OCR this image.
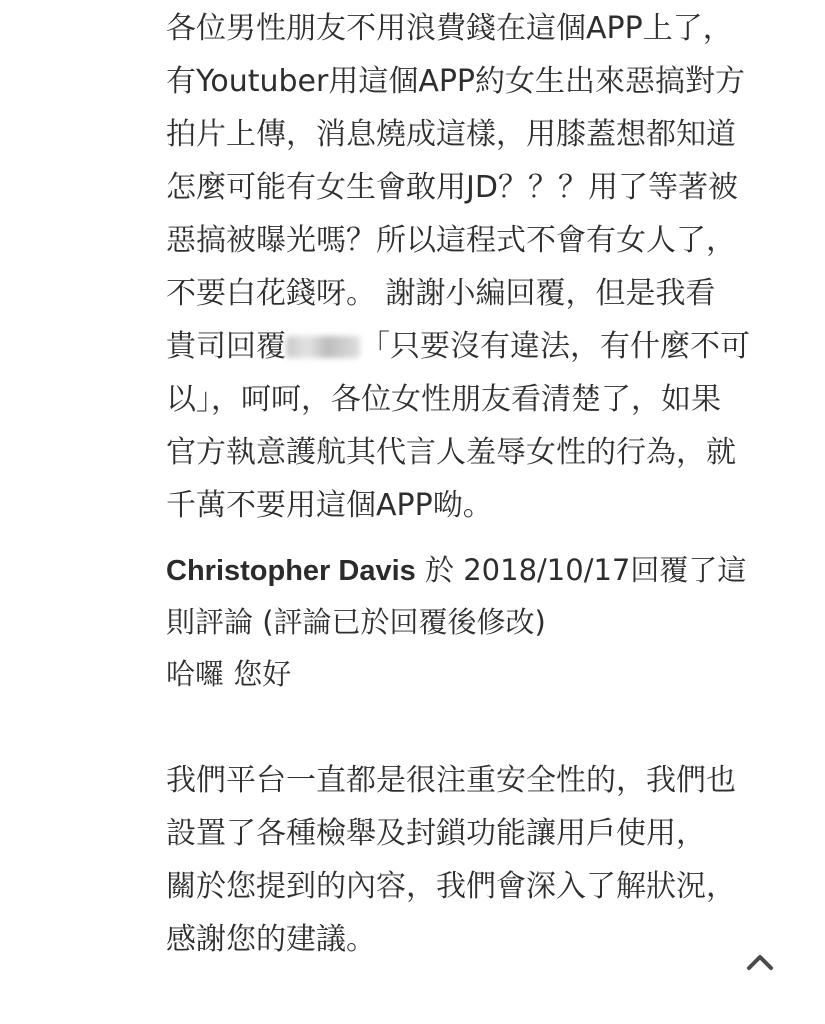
各位男性朋友不用浪費錢在這個APP上了，
有Youtuber用這個APP約女生出來惡搞對方
拍片上傳，消息燒成這樣，用膝蓋想都知道
怎麼可能有女生會敢用JD？？？用了等著被
惡搞被曝光嗎？所以這程式不會有女人了，
不要白花錢呀。 謝謝小編回覆，但是我看
貴司回覆 「只要沒有違法，有什麼不可
以」，呵呵，各位女性朋友看清楚了，如果
官方執意護航其代言人羞辱女性的行為，就
千萬不要用這個APP呦。
Christopher Davis 於 2018/10/17回覆了這
則評論 (評論已於回覆後修改)
哈囉 您好
我們平台一直都是很注重安全性的，我們也
設置了各種檢舉及封鎖功能讓用戶使用，
關於您提到的內容，我們會深入了解狀況，
感謝您的建議。
